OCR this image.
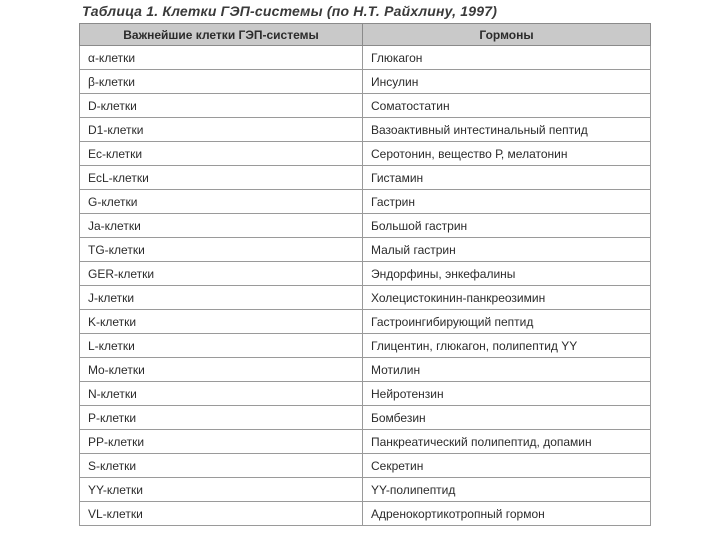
Таблица 1. Клетки ГЭП-системы (по Н.Т. Райхлину, 1997)
Важнейшие клетки ГЭП-системы	Гормоны
α-клетки	Глюкагон
β-клетки	Инсулин
D-клетки	Соматостатин
D1-клетки	Вазоактивный интестинальный пептид
Ec-клетки	Серотонин, вещество Р, мелатонин
EcL-клетки	Гистамин
G-клетки	Гастрин
Ja-клетки	Большой гастрин
TG-клетки	Малый гастрин
GER-клетки	Эндорфины, энкефалины
J-клетки	Холецистокинин-панкреозимин
K-клетки	Гастроингибирующий пептид
L-клетки	Глицентин, глюкагон, полипептид YY
Mo-клетки	Мотилин
N-клетки	Нейротензин
P-клетки	Бомбезин
PP-клетки	Панкреатический полипептид, допамин
S-клетки	Секретин
YY-клетки	YY-полипептид
VL-клетки	Адренокортикотропный гормон
